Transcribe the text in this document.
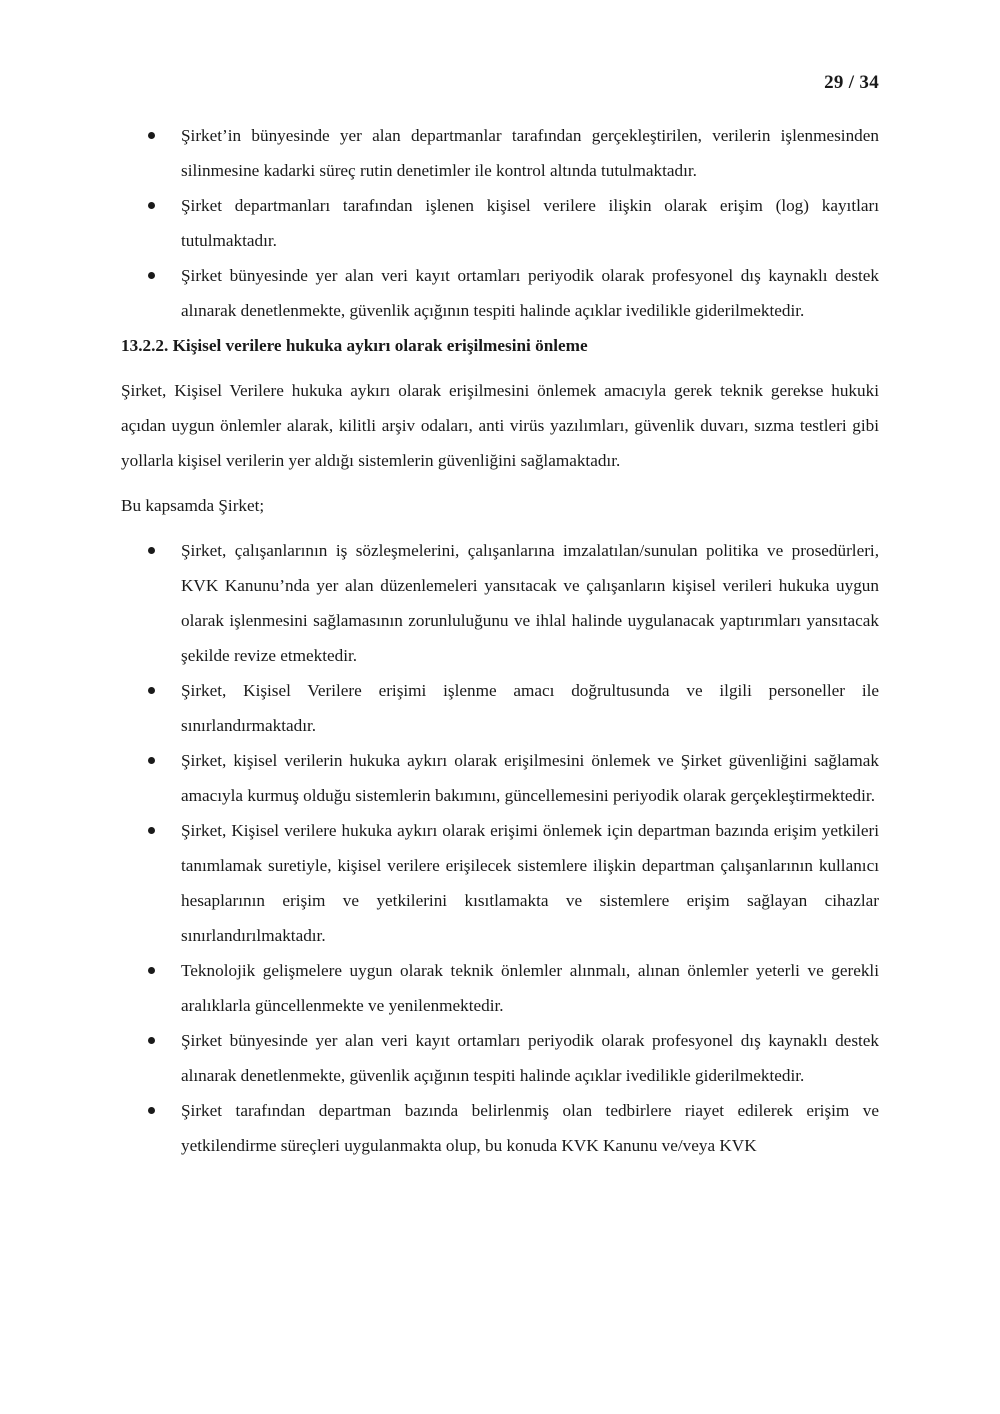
29 / 34
Şirket’in bünyesinde yer alan departmanlar tarafından gerçekleştirilen, verilerin işlenmesinden silinmesine kadarki süreç rutin denetimler ile kontrol altında tutulmaktadır.
Şirket departmanları tarafından işlenen kişisel verilere ilişkin olarak erişim (log) kayıtları tutulmaktadır.
Şirket bünyesinde yer alan veri kayıt ortamları periyodik olarak profesyonel dış kaynaklı destek alınarak denetlenmekte, güvenlik açığının tespiti halinde açıklar ivedilikle giderilmektedir.
13.2.2. Kişisel verilere hukuka aykırı olarak erişilmesini önleme

Şirket, Kişisel Verilere hukuka aykırı olarak erişilmesini önlemek amacıyla gerek teknik gerekse hukuki açıdan uygun önlemler alarak, kilitli arşiv odaları, anti virüs yazılımları, güvenlik duvarı, sızma testleri gibi yollarla kişisel verilerin yer aldığı sistemlerin güvenliğini sağlamaktadır.

Bu kapsamda Şirket;

Şirket, çalışanlarının iş sözleşmelerini, çalışanlarına imzalatılan/sunulan politika ve prosedürleri, KVK Kanunu’nda yer alan düzenlemeleri yansıtacak ve çalışanların kişisel verileri hukuka uygun olarak işlenmesini sağlamasının zorunluluğunu ve ihlal halinde uygulanacak yaptırımları yansıtacak şekilde revize etmektedir.
Şirket, Kişisel Verilere erişimi işlenme amacı doğrultusunda ve ilgili personeller ile sınırlandırmaktadır.
Şirket, kişisel verilerin hukuka aykırı olarak erişilmesini önlemek ve Şirket güvenliğini sağlamak amacıyla kurmuş olduğu sistemlerin bakımını, güncellemesini periyodik olarak gerçekleştirmektedir.
Şirket, Kişisel verilere hukuka aykırı olarak erişimi önlemek için departman bazında erişim yetkileri tanımlamak suretiyle, kişisel verilere erişilecek sistemlere ilişkin departman çalışanlarının kullanıcı hesaplarının erişim ve yetkilerini kısıtlamakta ve sistemlere erişim sağlayan cihazlar sınırlandırılmaktadır.
Teknolojik gelişmelere uygun olarak teknik önlemler alınmalı, alınan önlemler yeterli ve gerekli aralıklarla güncellenmekte ve yenilenmektedir.
Şirket bünyesinde yer alan veri kayıt ortamları periyodik olarak profesyonel dış kaynaklı destek alınarak denetlenmekte, güvenlik açığının tespiti halinde açıklar ivedilikle giderilmektedir.
Şirket tarafından departman bazında belirlenmiş olan tedbirlere riayet edilerek erişim ve yetkilendirme süreçleri uygulanmakta olup, bu konuda KVK Kanunu ve/veya KVK
